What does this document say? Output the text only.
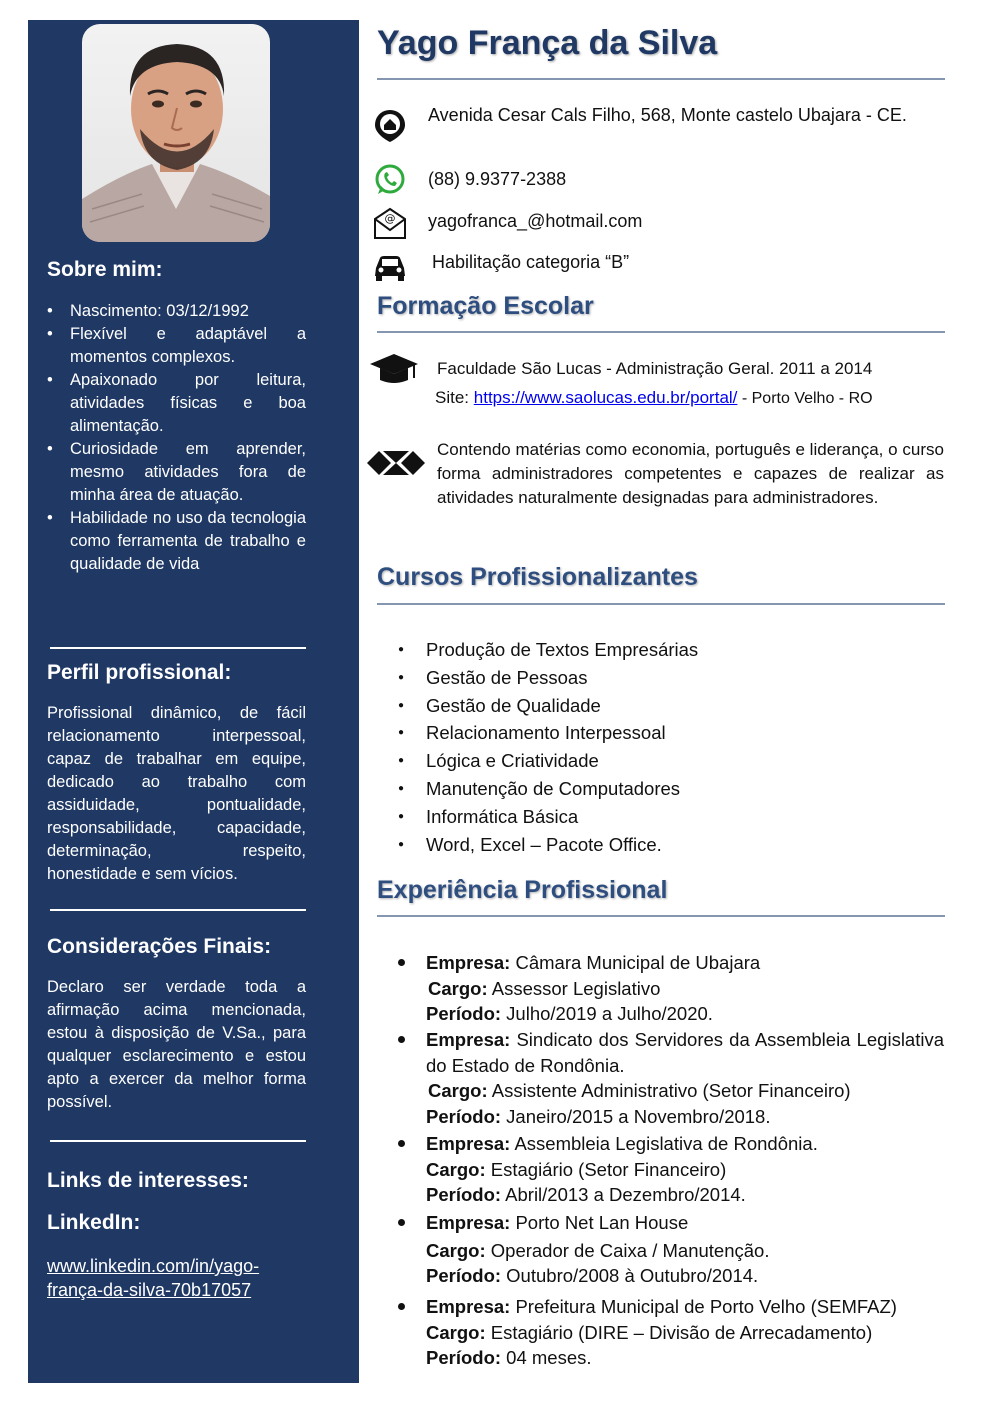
Sobre mim:
• Nascimento: 03/12/1992
• Flexível e adaptável a momentos complexos.
• Apaixonado por leitura, atividades físicas e boa alimentação.
• Curiosidade em aprender, mesmo atividades fora de minha área de atuação.
• Habilidade no uso da tecnologia como ferramenta de trabalho e qualidade de vida
Perfil profissional:

Profissional dinâmico, de fácil relacionamento interpessoal, capaz de trabalhar em equipe, dedicado ao trabalho com assiduidade, pontualidade, responsabilidade, capacidade, determinação, respeito, honestidade e sem vícios.

Considerações Finais:

Declaro ser verdade toda a afirmação acima mencionada, estou à disposição de V.Sa., para qualquer esclarecimento e estou apto a exercer da melhor forma possível.

Links de interesses:
LinkedIn:

www.linkedin.com/in/yago-frança-da-silva-70b17057

Yago França da Silva

Avenida Cesar Cals Filho, 568, Monte castelo Ubajara - CE.

(88) 9.9377-2388

@ yagofranca_@hotmail.com

Habilitação categoria “B”

Formação Escolar

Faculdade São Lucas - Administração Geral. 2011 a 2014

Site: https://www.saolucas.edu.br/portal/ - Porto Velho - RO

Contendo matérias como economia, português e liderança, o curso forma administradores competentes e capazes de realizar as atividades naturalmente designadas para administradores.

Cursos Profissionalizantes
● Produção de Textos Empresárias
● Gestão de Pessoas
● Gestão de Qualidade
● Relacionamento Interpessoal
● Lógica e Criatividade
● Manutenção de Computadores
● Informática Básica
● Word, Excel – Pacote Office.
Experiência Profissional

Empresa: Câmara Municipal de Ubajara

Cargo: Assessor Legislativo

Período: Julho/2019 a Julho/2020.

Empresa: Sindicato dos Servidores da Assembleia Legislativa do Estado de Rondônia.

Cargo: Assistente Administrativo (Setor Financeiro)

Período: Janeiro/2015 a Novembro/2018.

Empresa: Assembleia Legislativa de Rondônia.

Cargo: Estagiário (Setor Financeiro)

Período: Abril/2013 a Dezembro/2014.

Empresa: Porto Net Lan House

Cargo: Operador de Caixa / Manutenção.

Período: Outubro/2008 à Outubro/2014.

Empresa: Prefeitura Municipal de Porto Velho (SEMFAZ)

Cargo: Estagiário (DIRE – Divisão de Arrecadamento)

Período: 04 meses.
